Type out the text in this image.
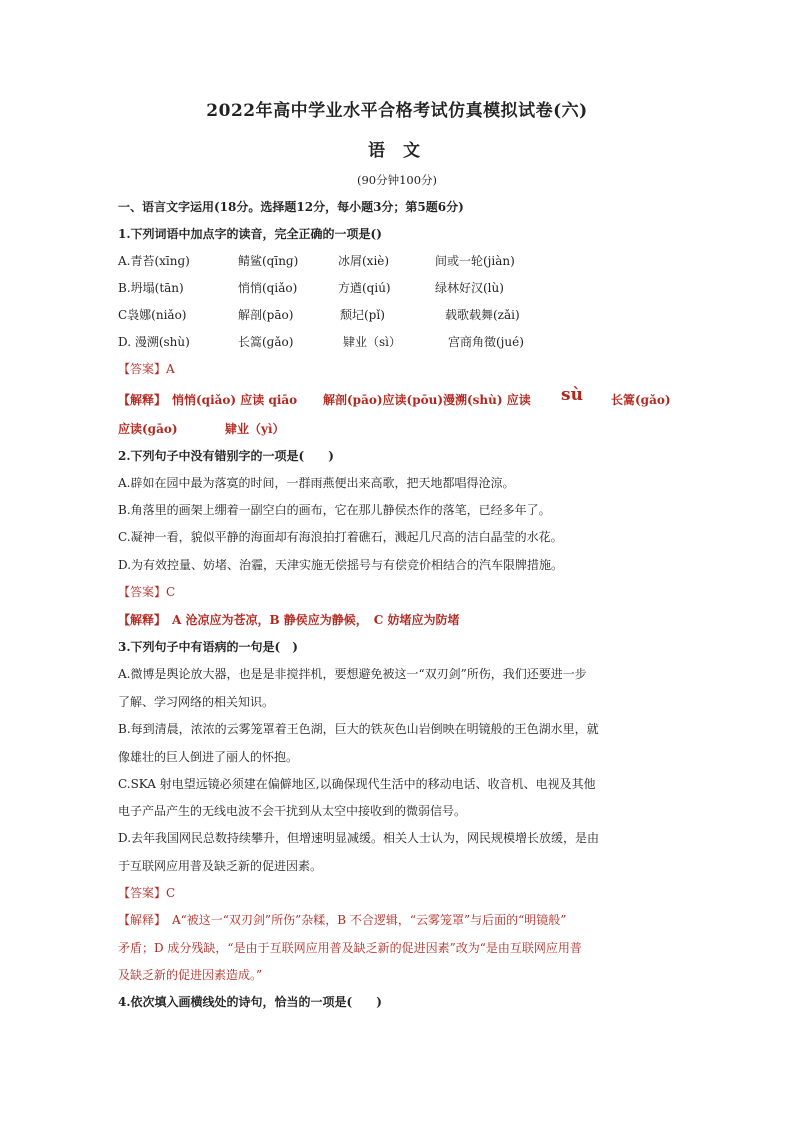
2022年高中学业水平合格考试仿真模拟试卷(六)
语 文
(90分钟100分)
一、语言文字运用(18分。选择题12分，每小题3分；第5题6分)
1.下列词语中加点字的读音，完全正确的一项是()
A.青苔(xīnɡ)	鲭鲨(qīnɡ)	冰屑(xiè)	间或一轮(jiàn)
B.坍塌(tān)	悄悄(qiǎo)	方遒(qiú)	绿林好汉(lù)
C袅娜(niǎo)	解剖(pāo)	颓圮(pǐ)	载歌载舞(zǎi)
D. 漫溯(shù)	长篙(ɡǎo)	肄业（sì）	宫商角徵(jué)
【答案】A
【解释】 悄悄(qiǎo) 应读 qiāo 解剖(pāo)应读(pōu)漫溯(shù) 应读 sù 长篙(ɡǎo)
应读(ɡāo)	肄业（yì）
2.下列句子中没有错别字的一项是(　　)
A.辟如在园中最为落寞的时间，一群雨燕便出来高歌，把天地都唱得沧涼。
B.角落里的画架上绷着一副空白的画布，它在那儿静侯杰作的落笔，已经多年了。
C.凝神一看，貌似平静的海面却有海浪拍打着礁石，溅起几尺高的洁白晶莹的水花。
D.为有效控量、妨堵、治霾，天津实施无偿摇号与有偿竞价相结合的汽车限牌措施。
【答案】C
【解释】 A 沧凉应为苍凉，B 静侯应为静候，　C 妨堵应为防堵
3.下列句子中有语病的一句是(　)
A.微博是舆论放大器，也是是非搅拌机，要想避免被这一“双刃剑”所伤，我们还要进一步
了解、学习网络的相关知识。
B.每到清晨，浓浓的云雾笼罩着王色湖，巨大的铁灰色山岩倒映在明镜般的王色湖水里，就
像雄壮的巨人倒进了丽人的怀抱。
C.SKA 射电望远镜必须建在偏僻地区,以确保现代生活中的移动电话、收音机、电视及其他
电子产品产生的无线电波不会干扰到从太空中接收到的微弱信号。
D.去年我国网民总数持续攀升，但增速明显减缓。相关人士认为，网民规模增长放缓，是由
于互联网应用普及缺乏新的促进因素。
【答案】C
【解释】 A“被这一“双刃剑”所伤”杂糅，B 不合逻辑，“云雾笼罩”与后面的“明镜般”
矛盾；D 成分残缺，“是由于互联网应用普及缺乏新的促进因素”改为“是由互联网应用普
及缺乏新的促进因素造成。”
4.依次填入画横线处的诗句，恰当的一项是(　　)
